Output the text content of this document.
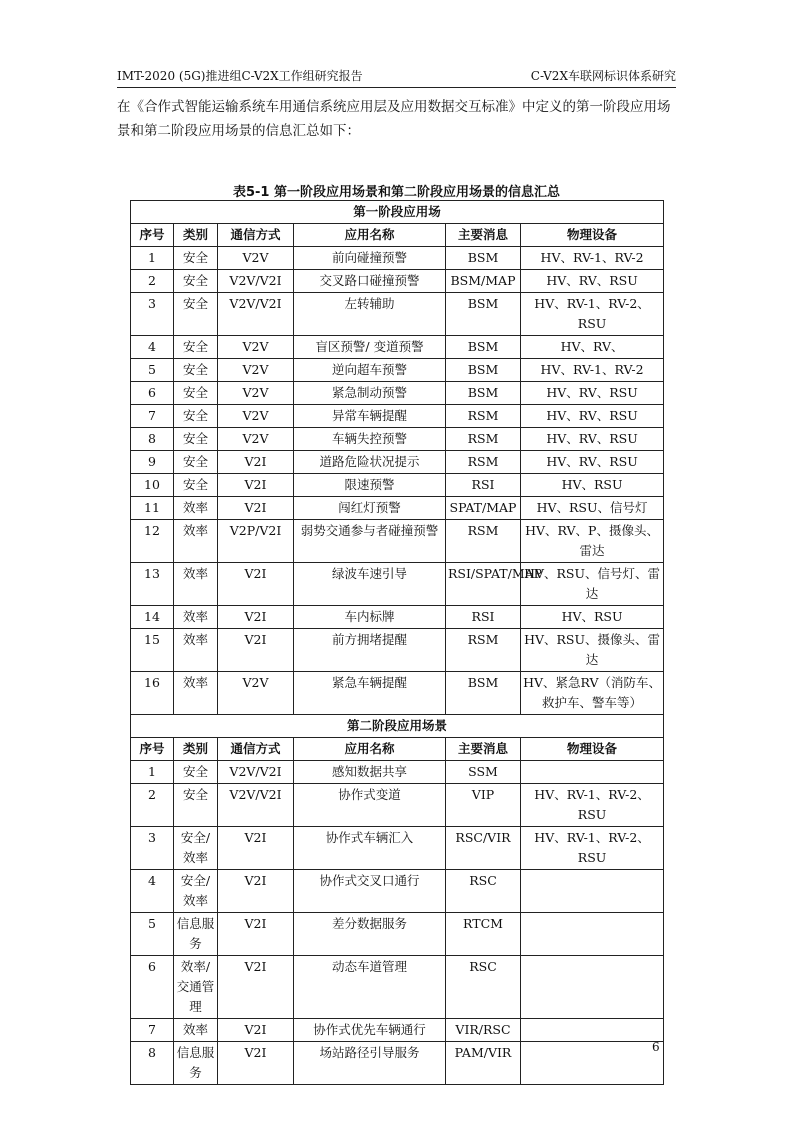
IMT-2020 (5G)推进组C-V2X工作组研究报告	C-V2X车联网标识体系研究
在《合作式智能运输系统车用通信系统应用层及应用数据交互标准》中定义的第一阶段应用场景和第二阶段应用场景的信息汇总如下：
表5-1 第一阶段应用场景和第二阶段应用场景的信息汇总
第一阶段应用场					
序号	类别	通信方式	应用名称	主要消息	物理设备
1	安全	V2V	前向碰撞预警	BSM	HV、RV-1、RV-2
2	安全	V2V/V2I	交叉路口碰撞预警	BSM/MAP	HV、RV、RSU
3	安全	V2V/V2I	左转辅助	BSM	HV、RV-1、RV-2、RSU
4	安全	V2V	盲区预警/ 变道预警	BSM	HV、RV、
5	安全	V2V	逆向超车预警	BSM	HV、RV-1、RV-2
6	安全	V2V	紧急制动预警	BSM	HV、RV、RSU
7	安全	V2V	异常车辆提醒	RSM	HV、RV、RSU
8	安全	V2V	车辆失控预警	RSM	HV、RV、RSU
9	安全	V2I	道路危险状况提示	RSM	HV、RV、RSU
10	安全	V2I	限速预警	RSI	HV、RSU
11	效率	V2I	闯红灯预警	SPAT/MAP	HV、RSU、信号灯
12	效率	V2P/V2I	弱势交通参与者碰撞预警	RSM	HV、RV、P、摄像头、雷达
13	效率	V2I	绿波车速引导	RSI/SPAT/MAP	HV、RSU、信号灯、雷达
14	效率	V2I	车内标牌	RSI	HV、RSU
15	效率	V2I	前方拥堵提醒	RSM	HV、RSU、摄像头、雷达
16	效率	V2V	紧急车辆提醒	BSM	HV、紧急RV（消防车、救护车、警车等）
第二阶段应用场景					
序号	类别	通信方式	应用名称	主要消息	物理设备
1	安全	V2V/V2I	感知数据共享	SSM	
2	安全	V2V/V2I	协作式变道	VIP	HV、RV-1、RV-2、RSU
3	安全/效率	V2I	协作式车辆汇入	RSC/VIR	HV、RV-1、RV-2、RSU
4	安全/效率	V2I	协作式交叉口通行	RSC	
5	信息服务	V2I	差分数据服务	RTCM	
6	效率/交通管理	V2I	动态车道管理	RSC	
7	效率	V2I	协作式优先车辆通行	VIR/RSC	
8	信息服务	V2I	场站路径引导服务	PAM/VIR		6
